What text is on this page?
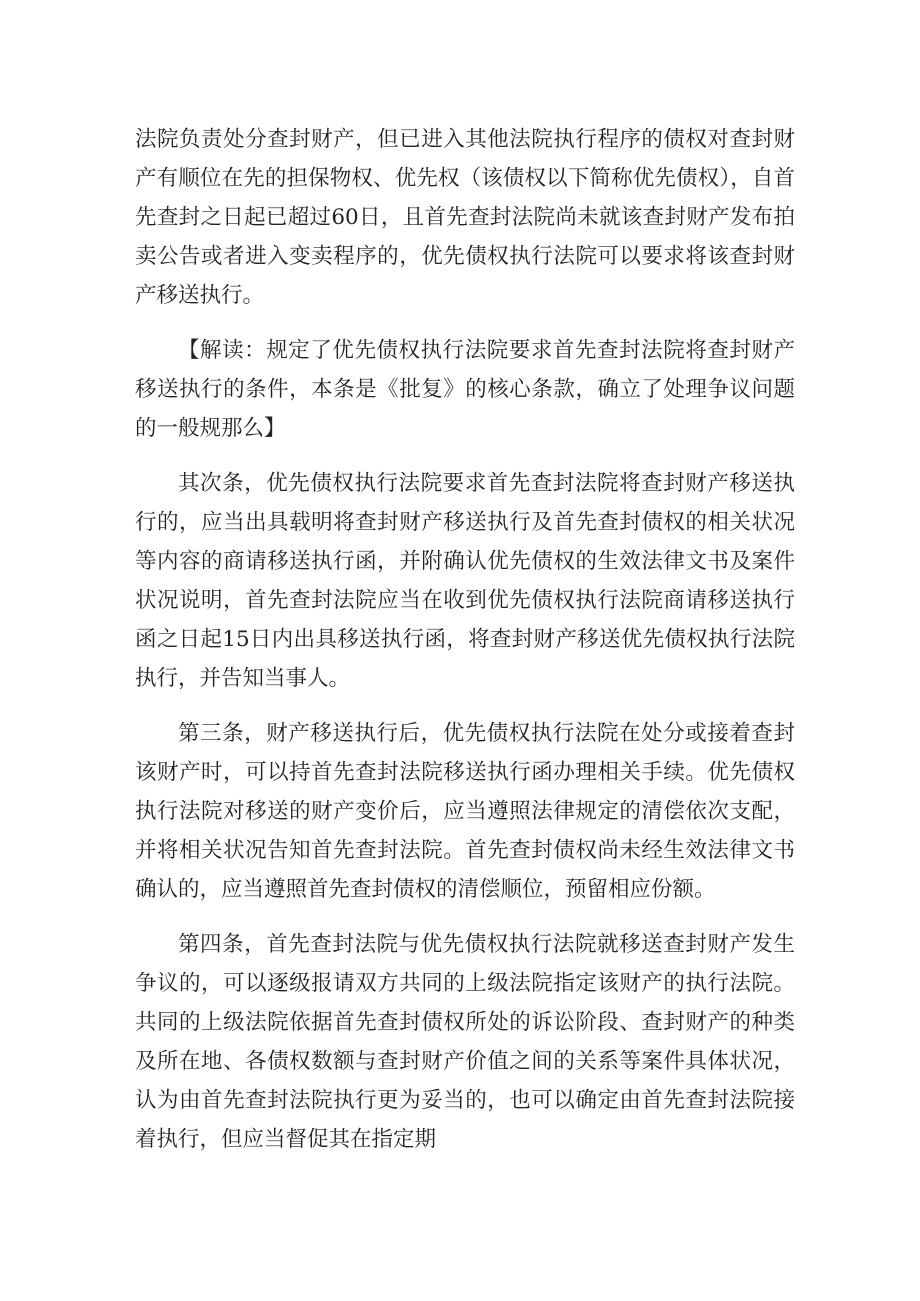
法院负责处分查封财产，但已进入其他法院执行程序的债权对查封财产有顺位在先的担保物权、优先权（该债权以下简称优先债权），自首先查封之日起已超过60日，且首先查封法院尚未就该查封财产发布拍卖公告或者进入变卖程序的，优先债权执行法院可以要求将该查封财产移送执行。

【解读：规定了优先债权执行法院要求首先查封法院将查封财产移送执行的条件，本条是《批复》的核心条款，确立了处理争议问题的一般规那么】

其次条，优先债权执行法院要求首先查封法院将查封财产移送执行的，应当出具载明将查封财产移送执行及首先查封债权的相关状况等内容的商请移送执行函，并附确认优先债权的生效法律文书及案件状况说明，首先查封法院应当在收到优先债权执行法院商请移送执行函之日起15日内出具移送执行函，将查封财产移送优先债权执行法院执行，并告知当事人。

第三条，财产移送执行后，优先债权执行法院在处分或接着查封该财产时，可以持首先查封法院移送执行函办理相关手续。优先债权执行法院对移送的财产变价后，应当遵照法律规定的清偿依次支配，并将相关状况告知首先查封法院。首先查封债权尚未经生效法律文书确认的，应当遵照首先查封债权的清偿顺位，预留相应份额。

第四条，首先查封法院与优先债权执行法院就移送查封财产发生争议的，可以逐级报请双方共同的上级法院指定该财产的执行法院。共同的上级法院依据首先查封债权所处的诉讼阶段、查封财产的种类及所在地、各债权数额与查封财产价值之间的关系等案件具体状况，认为由首先查封法院执行更为妥当的，也可以确定由首先查封法院接着执行，但应当督促其在指定期
